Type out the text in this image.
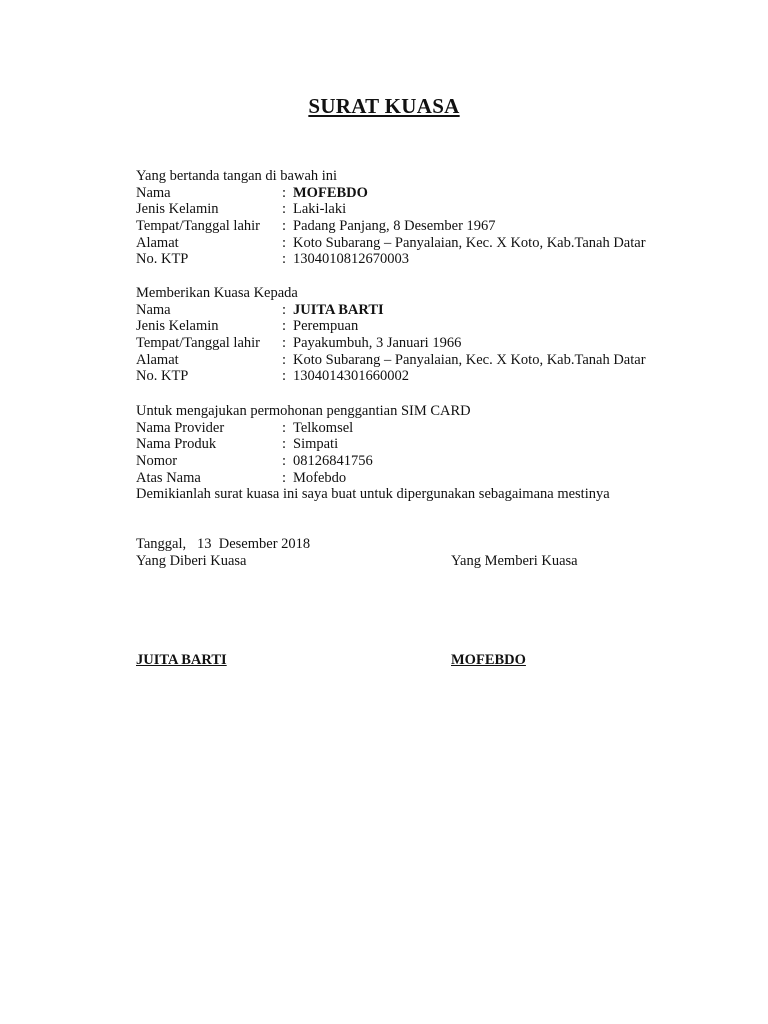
SURAT KUASA
Yang bertanda tangan di bawah ini
Nama	: MOFEBDO
Jenis Kelamin	: Laki-laki
Tempat/Tanggal lahir : Padang Panjang, 8 Desember 1967
Alamat	: Koto Subarang – Panyalaian, Kec. X Koto, Kab.Tanah Datar
No. KTP	: 1304010812670003
Memberikan Kuasa Kepada
Nama	: JUITA BARTI
Jenis Kelamin	: Perempuan
Tempat/Tanggal lahir : Payakumbuh, 3 Januari 1966
Alamat	: Koto Subarang – Panyalaian, Kec. X Koto, Kab.Tanah Datar
No. KTP	: 1304014301660002
Untuk mengajukan permohonan penggantian SIM CARD
Nama Provider	: Telkomsel
Nama Produk	: Simpati
Nomor	: 08126841756
Atas Nama	: Mofebdo
Demikianlah surat kuasa ini saya buat untuk dipergunakan sebagaimana mestinya
Tanggal,   13  Desember 2018
Yang Diberi Kuasa	Yang Memberi Kuasa
JUITA BARTI	MOFEBDO
